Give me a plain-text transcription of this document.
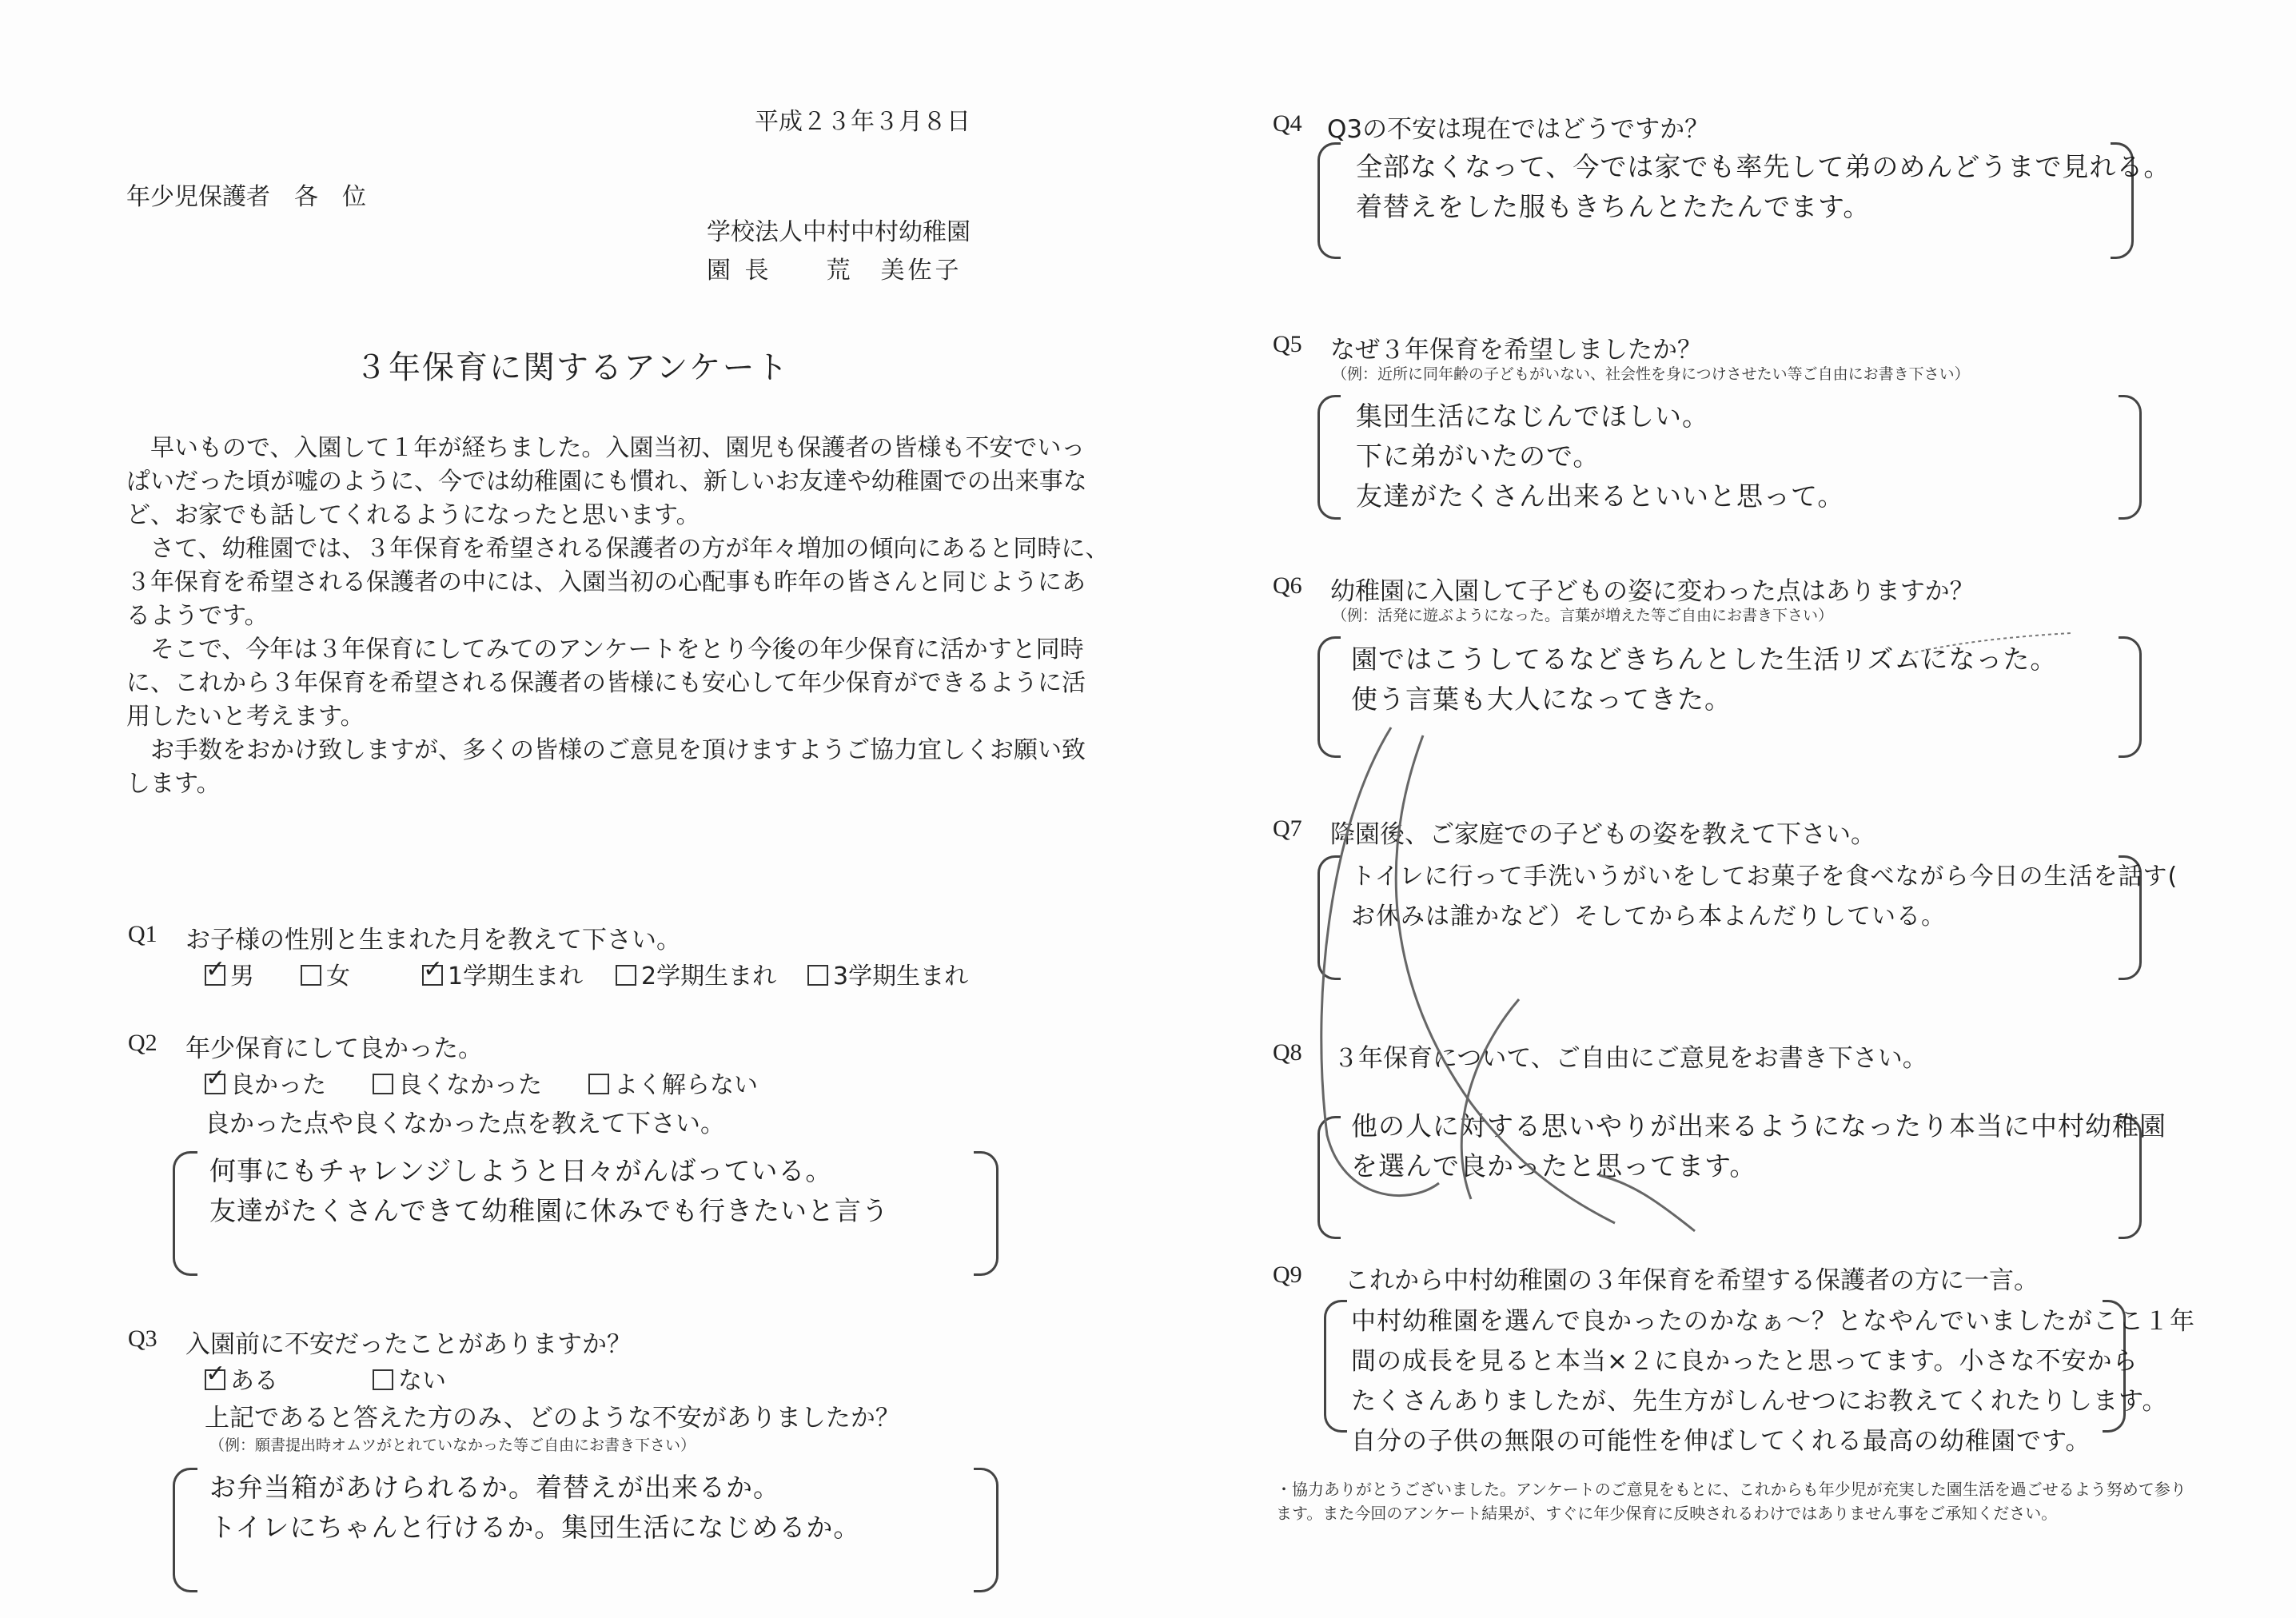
平成２３年３月８日
年少児保護者　各　位
学校法人中村中村幼稚園
園 長　　荒　美佐子
３年保育に関するアンケート
　早いもので、入園して１年が経ちました。入園当初、園児も保護者の皆様も不安でいっ
ぱいだった頃が嘘のように、今では幼稚園にも慣れ、新しいお友達や幼稚園での出来事な
ど、お家でも話してくれるようになったと思います。
　さて、幼稚園では、３年保育を希望される保護者の方が年々増加の傾向にあると同時に、
３年保育を希望される保護者の中には、入園当初の心配事も昨年の皆さんと同じようにあ
るようです。
　そこで、今年は３年保育にしてみてのアンケートをとり今後の年少保育に活かすと同時
に、これから３年保育を希望される保護者の皆様にも安心して年少保育ができるように活
用したいと考えます。
　お手数をおかけ致しますが、多くの皆様のご意見を頂けますようご協力宜しくお願い致
します。
Q1 お子様の性別と生まれた月を教えて下さい。
✓男	女
✓	1学期生まれ	2学期生まれ	3学期生まれ
Q2 年少保育にして良かった。
✓良かった	良くなかった	よく解らない
良かった点や良くなかった点を教えて下さい。
何事にもチャレンジしようと日々がんばっている。
友達がたくさんできて幼稚園に休みでも行きたいと言う
Q3 入園前に不安だったことがありますか？
✓ある	ない
上記であると答えた方のみ、どのような不安がありましたか？
（例：願書提出時オムツがとれていなかった等ご自由にお書き下さい）
お弁当箱があけられるか。着替えが出来るか。
トイレにちゃんと行けるか。集団生活になじめるか。
Q4 Q3の不安は現在ではどうですか？
全部なくなって、今では家でも率先して弟のめんどうまで見れる。
着替えをした服もきちんとたたんでます。
Q5 なぜ３年保育を希望しましたか？
（例：近所に同年齢の子どもがいない、社会性を身につけさせたい等ご自由にお書き下さい）
集団生活になじんでほしい。
下に弟がいたので。
友達がたくさん出来るといいと思って。
Q6 幼稚園に入園して子どもの姿に変わった点はありますか？
（例：活発に遊ぶようになった。言葉が増えた等ご自由にお書き下さい）
園ではこうしてるなどきちんとした生活リズムになった。
使う言葉も大人になってきた。
Q7 降園後、ご家庭での子どもの姿を教えて下さい。
トイレに行って手洗いうがいをしてお菓子を食べながら今日の生活を話す(
お休みは誰かなど）そしてから本よんだりしている。
Q8 ３年保育について、ご自由にご意見をお書き下さい。
他の人に対する思いやりが出来るようになったり本当に中村幼稚園
を選んで良かったと思ってます。
Q9 これから中村幼稚園の３年保育を希望する保護者の方に一言。
中村幼稚園を選んで良かったのかなぁ～？となやんでいましたがここ１年
間の成長を見ると本当×２に良かったと思ってます。小さな不安から
たくさんありましたが、先生方がしんせつにお教えてくれたりします。
自分の子供の無限の可能性を伸ばしてくれる最高の幼稚園です。
・協力ありがとうございました。アンケートのご意見をもとに、これからも年少児が充実した園生活を過ごせるよう努めて参り
ます。また今回のアンケート結果が、すぐに年少保育に反映されるわけではありません事をご承知ください。
